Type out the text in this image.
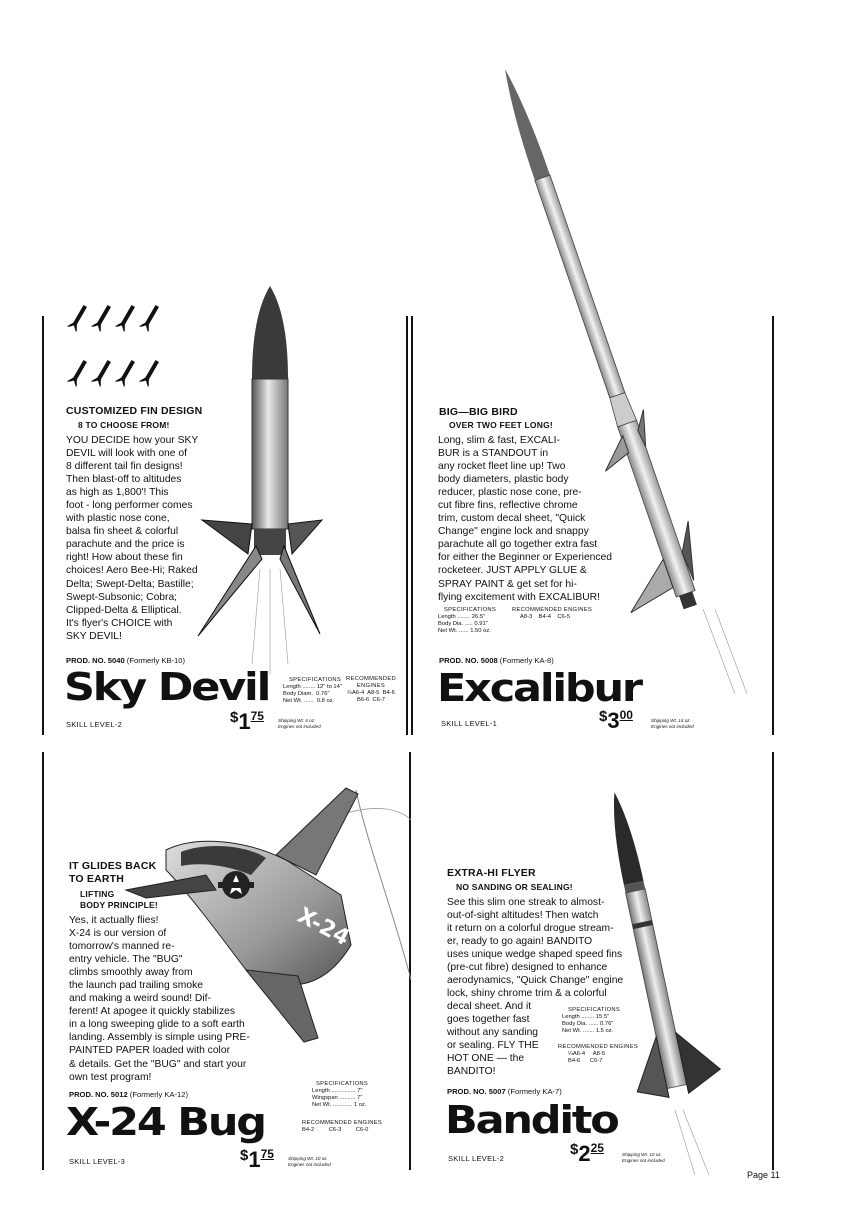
CUSTOMIZED FIN DESIGN
8 TO CHOOSE FROM!
YOU DECIDE how your SKY
DEVIL will look with one of
8 different tail fin designs!
Then blast-off to altitudes
as high as 1,800'! This
foot - long performer comes
with plastic nose cone,
balsa fin sheet & colorful
parachute and the price is
right! How about these fin
choices! Aero Bee-Hi; Raked
Delta; Swept-Delta; Bastille;
Swept-Subsonic; Cobra;
Clipped-Delta & Elliptical.
It's flyer's CHOICE with
SKY DEVIL!
PROD. NO. 5040 (Formerly KB-10)
Sky Devil	SPECIFICATIONS
Length ........ 12" to 14"
Body Diam.  0.76"
Net Wt. ......  0.8 oz.
RECOMMENDED ENGINES
¼A6-4  A8-5  B4-6
B6-6  C6-7
SKILL LEVEL-2	$\$1^{75}$	Shipping Wt. 6 oz.
Engines not included
BIG—BIG BIRD
OVER TWO FEET LONG!
Long, slim & fast, EXCALI-
BUR is a STANDOUT in
any rocket fleet line up! Two
body diameters, plastic body
reducer, plastic nose cone, pre-
cut fibre fins, reflective chrome
trim, custom decal sheet, "Quick
Change" engine lock and snappy
parachute all go together extra fast
for either the Beginner or Experienced
rocketeer. JUST APPLY GLUE &
SPRAY PAINT & get set for hi-
flying excitement with EXCALIBUR!
SPECIFICATIONS
Length ........ 26.5"
Body Dia. ..... 0.91"
Net Wt. ...... 1.50 oz.
RECOMMENDED ENGINES
A8-3    B4-4    C6-5
PROD. NO. 5008 (Formerly KA-8)
Excalibur
SKILL LEVEL-1	$\$3^{00}$	Shipping Wt. 14 oz.
Engines not included
X-24
IT GLIDES BACK
TO EARTH
LIFTING
BODY PRINCIPLE!
Yes, it actually flies!
X-24 is our version of
tomorrow's manned re-
entry vehicle. The "BUG"
climbs smoothly away from
the launch pad trailing smoke
and making a weird sound! Dif-
ferent! At apogee it quickly stabilizes
in a long sweeping glide to a soft earth
landing. Assembly is simple using PRE-
PAINTED PAPER loaded with color
& details. Get the "BUG" and start your
own test program!
PROD. NO. 5012 (Formerly KA-12)
SPECIFICATIONS
Length ............... 7"
Wingspan .......... 7"
Net Wt. ............ 1 oz.
RECOMMENDED ENGINES
B4-2         C6-3         C6-0
X-24 Bug
SKILL LEVEL-3	$\$1^{75}$	Shipping Wt. 10 oz.
Engines not included
EXTRA-HI FLYER
NO SANDING OR SEALING!
See this slim one streak to almost-
out-of-sight altitudes! Then watch
it return on a colorful drogue stream-
er, ready to go again! BANDITO
uses unique wedge shaped speed fins
(pre-cut fibre) designed to enhance
aerodynamics, "Quick Change" engine
lock, shiny chrome trim & a colorful
decal sheet. And it
goes together fast
without any sanding
or sealing. FLY THE
HOT ONE — the
BANDITO!
SPECIFICATIONS
Length ........ 15.5"
Body Dia. ...... 0.76"
Net Wt. ....... 1.5 oz.
RECOMMENDED ENGINES
¼A6-4     A8-5
B4-6      C6-7
PROD. NO. 5007 (Formerly KA-7)
Bandito
SKILL LEVEL-2
$\$2^{25}$	Shipping Wt. 10 oz.
Engines not included
Page 11
